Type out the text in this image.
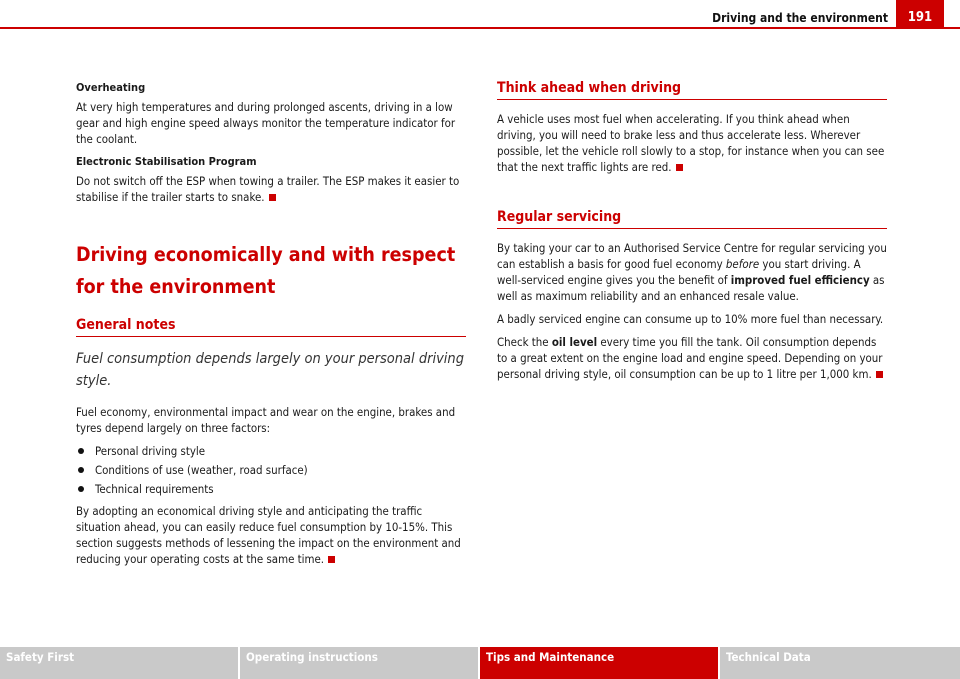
Driving and the environment	191
Overheating

At very high temperatures and during prolonged ascents, driving in a low gear and high engine speed always monitor the temperature indicator for the coolant.

Electronic Stabilisation Program

Do not switch off the ESP when towing a trailer. The ESP makes it easier to stabilise if the trailer starts to snake.

Driving economically and with respect for the environment
General notes

Fuel consumption depends largely on your personal driving style.

Fuel economy, environmental impact and wear on the engine, brakes and tyres depend largely on three factors:

Personal driving style
Conditions of use (weather, road surface)
Technical requirements

By adopting an economical driving style and anticipating the traffic situation ahead, you can easily reduce fuel consumption by 10-15%. This section suggests methods of lessening the impact on the environment and reducing your operating costs at the same time.

Think ahead when driving

A vehicle uses most fuel when accelerating. If you think ahead when driving, you will need to brake less and thus accelerate less. Wherever possible, let the vehicle roll slowly to a stop, for instance when you can see that the next traffic lights are red.

Regular servicing

By taking your car to an Authorised Service Centre for regular servicing you can establish a basis for good fuel economy before you start driving. A well-serviced engine gives you the benefit of improved fuel efficiency as well as maximum reliability and an enhanced resale value.

A badly serviced engine can consume up to 10% more fuel than necessary.

Check the oil level every time you fill the tank. Oil consumption depends to a great extent on the engine load and engine speed. Depending on your personal driving style, oil consumption can be up to 1 litre per 1,000 km.

Safety First	Operating instructions	Tips and Maintenance	Technical Data
